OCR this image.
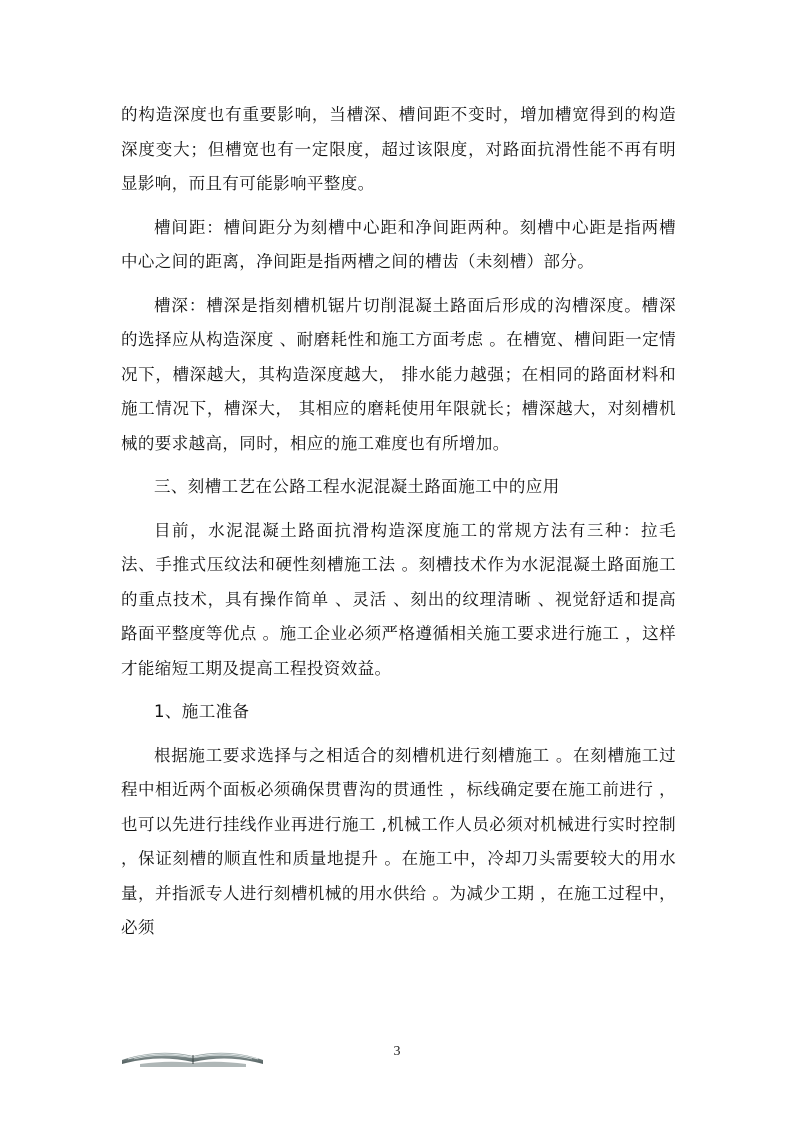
的构造深度也有重要影响，当槽深、槽间距不变时，增加槽宽得到的构造深度变大；但槽宽也有一定限度，超过该限度，对路面抗滑性能不再有明显影响，而且有可能影响平整度。

槽间距：槽间距分为刻槽中心距和净间距两种。刻槽中心距是指两槽中心之间的距离，净间距是指两槽之间的槽齿（未刻槽）部分。

槽深：槽深是指刻槽机锯片切削混凝土路面后形成的沟槽深度。槽深的选择应从构造深度 、耐磨耗性和施工方面考虑 。在槽宽、槽间距一定情况下，槽深越大，其构造深度越大， 排水能力越强；在相同的路面材料和施工情况下，槽深大， 其相应的磨耗使用年限就长；槽深越大，对刻槽机械的要求越高，同时，相应的施工难度也有所增加。

三、刻槽工艺在公路工程水泥混凝土路面施工中的应用

目前，水泥混凝土路面抗滑构造深度施工的常规方法有三种：拉毛法、手推式压纹法和硬性刻槽施工法 。刻槽技术作为水泥混凝土路面施工的重点技术，具有操作简单 、灵活 、刻出的纹理清晰 、视觉舒适和提高路面平整度等优点 。施工企业必须严格遵循相关施工要求进行施工 ，这样才能缩短工期及提高工程投资效益。

1、施工准备

根据施工要求选择与之相适合的刻槽机进行刻槽施工 。在刻槽施工过程中相近两个面板必须确保贯曹沟的贯通性 ，标线确定要在施工前进行 ，也可以先进行挂线作业再进行施工 ,机械工作人员必须对机械进行实时控制 ，保证刻槽的顺直性和质量地提升 。在施工中，冷却刀头需要较大的用水量，并指派专人进行刻槽机械的用水供给 。为减少工期 ，在施工过程中， 必须

3
